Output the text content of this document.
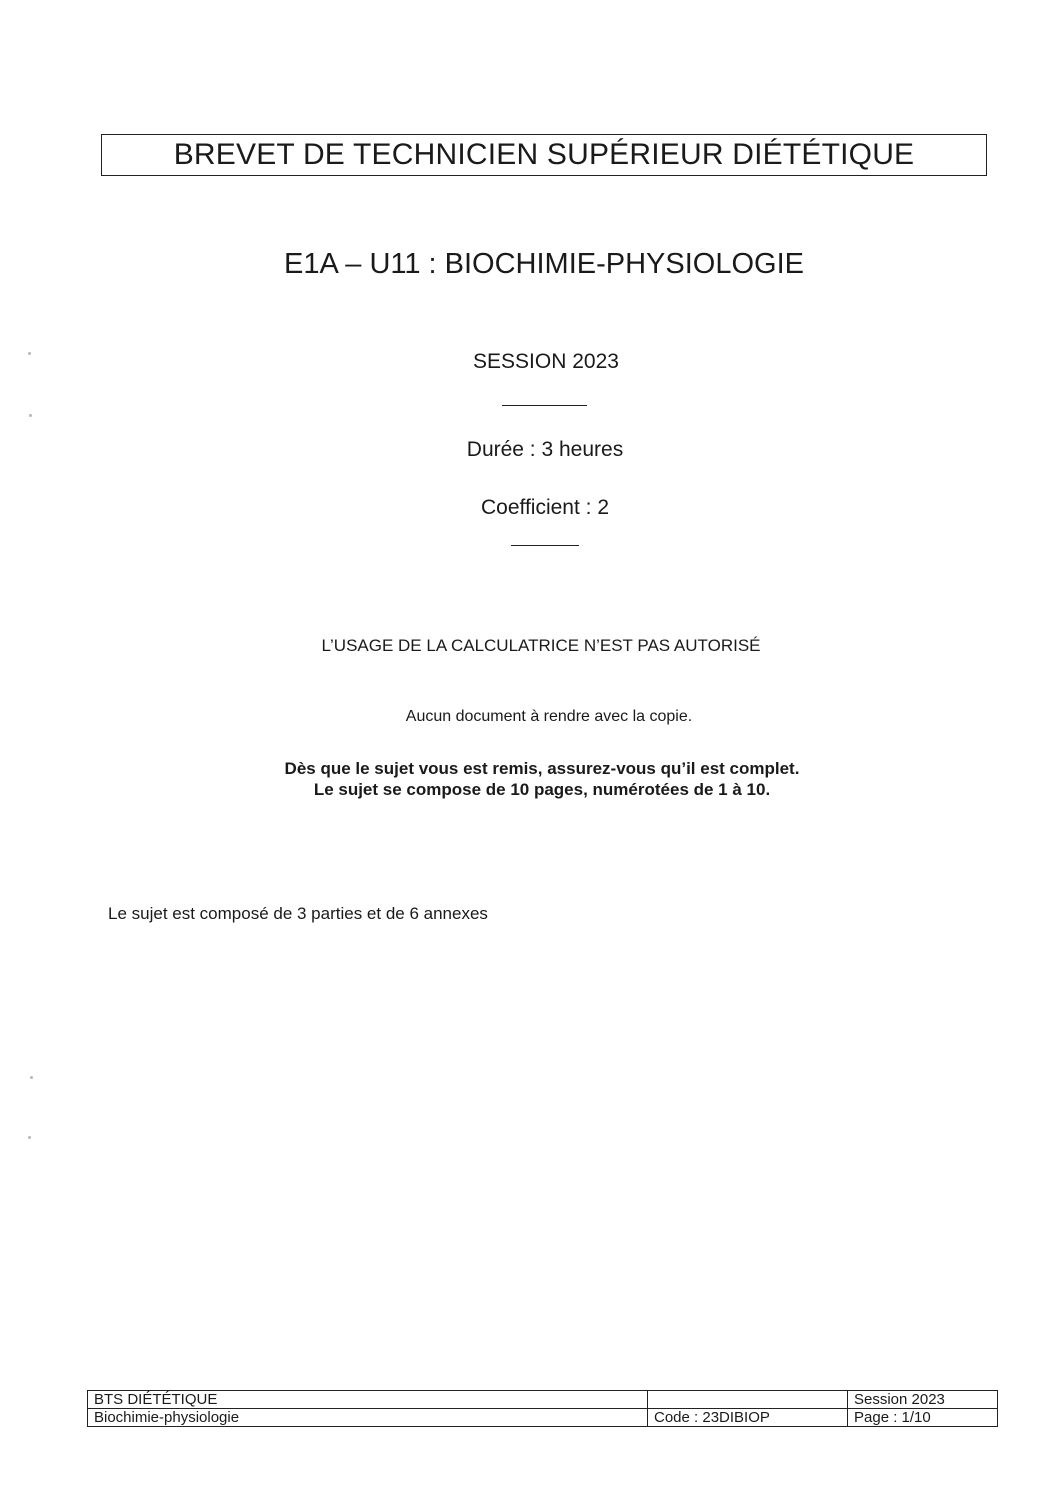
BREVET DE TECHNICIEN SUPÉRIEUR DIÉTÉTIQUE
E1A – U11 : BIOCHIMIE-PHYSIOLOGIE
SESSION 2023
Durée : 3 heures
Coefficient : 2
L’USAGE DE LA CALCULATRICE N’EST PAS AUTORISÉ
Aucun document à rendre avec la copie.
Dès que le sujet vous est remis, assurez-vous qu’il est complet.
Le sujet se compose de 10 pages, numérotées de 1 à 10.
Le sujet est composé de 3 parties et de 6 annexes
BTS DIÉTÉTIQUE		Session 2023
Biochimie-physiologie	Code : 23DIBIOP	Page : 1/10
